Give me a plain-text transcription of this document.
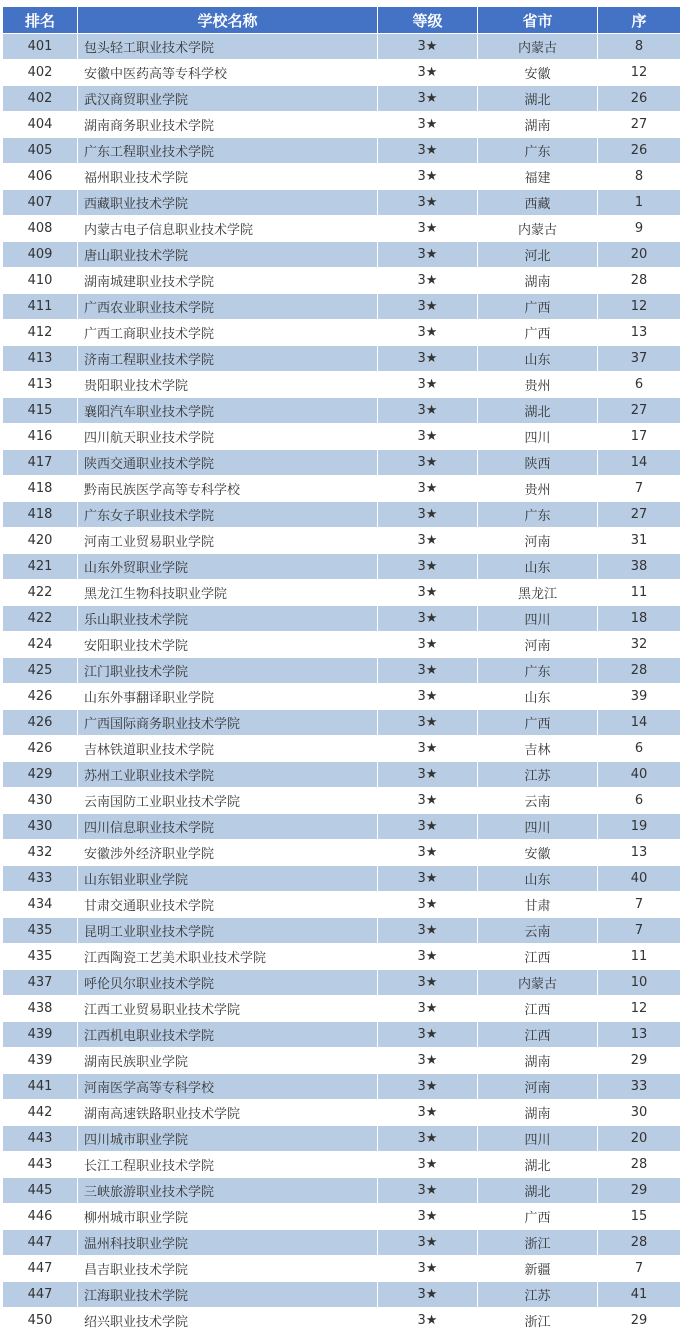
排名	学校名称	等级	省市	序
401	包头轻工职业技术学院	3★	内蒙古	8
402	安徽中医药高等专科学校	3★	安徽	12
402	武汉商贸职业学院	3★	湖北	26
404	湖南商务职业技术学院	3★	湖南	27
405	广东工程职业技术学院	3★	广东	26
406	福州职业技术学院	3★	福建	8
407	西藏职业技术学院	3★	西藏	1
408	内蒙古电子信息职业技术学院	3★	内蒙古	9
409	唐山职业技术学院	3★	河北	20
410	湖南城建职业技术学院	3★	湖南	28
411	广西农业职业技术学院	3★	广西	12
412	广西工商职业技术学院	3★	广西	13
413	济南工程职业技术学院	3★	山东	37
413	贵阳职业技术学院	3★	贵州	6
415	襄阳汽车职业技术学院	3★	湖北	27
416	四川航天职业技术学院	3★	四川	17
417	陕西交通职业技术学院	3★	陕西	14
418	黔南民族医学高等专科学校	3★	贵州	7
418	广东女子职业技术学院	3★	广东	27
420	河南工业贸易职业学院	3★	河南	31
421	山东外贸职业学院	3★	山东	38
422	黑龙江生物科技职业学院	3★	黑龙江	11
422	乐山职业技术学院	3★	四川	18
424	安阳职业技术学院	3★	河南	32
425	江门职业技术学院	3★	广东	28
426	山东外事翻译职业学院	3★	山东	39
426	广西国际商务职业技术学院	3★	广西	14
426	吉林铁道职业技术学院	3★	吉林	6
429	苏州工业职业技术学院	3★	江苏	40
430	云南国防工业职业技术学院	3★	云南	6
430	四川信息职业技术学院	3★	四川	19
432	安徽涉外经济职业学院	3★	安徽	13
433	山东铝业职业学院	3★	山东	40
434	甘肃交通职业技术学院	3★	甘肃	7
435	昆明工业职业技术学院	3★	云南	7
435	江西陶瓷工艺美术职业技术学院	3★	江西	11
437	呼伦贝尔职业技术学院	3★	内蒙古	10
438	江西工业贸易职业技术学院	3★	江西	12
439	江西机电职业技术学院	3★	江西	13
439	湖南民族职业学院	3★	湖南	29
441	河南医学高等专科学校	3★	河南	33
442	湖南高速铁路职业技术学院	3★	湖南	30
443	四川城市职业学院	3★	四川	20
443	长江工程职业技术学院	3★	湖北	28
445	三峡旅游职业技术学院	3★	湖北	29
446	柳州城市职业学院	3★	广西	15
447	温州科技职业学院	3★	浙江	28
447	昌吉职业技术学院	3★	新疆	7
447	江海职业技术学院	3★	江苏	41
450	绍兴职业技术学院	3★	浙江	29
